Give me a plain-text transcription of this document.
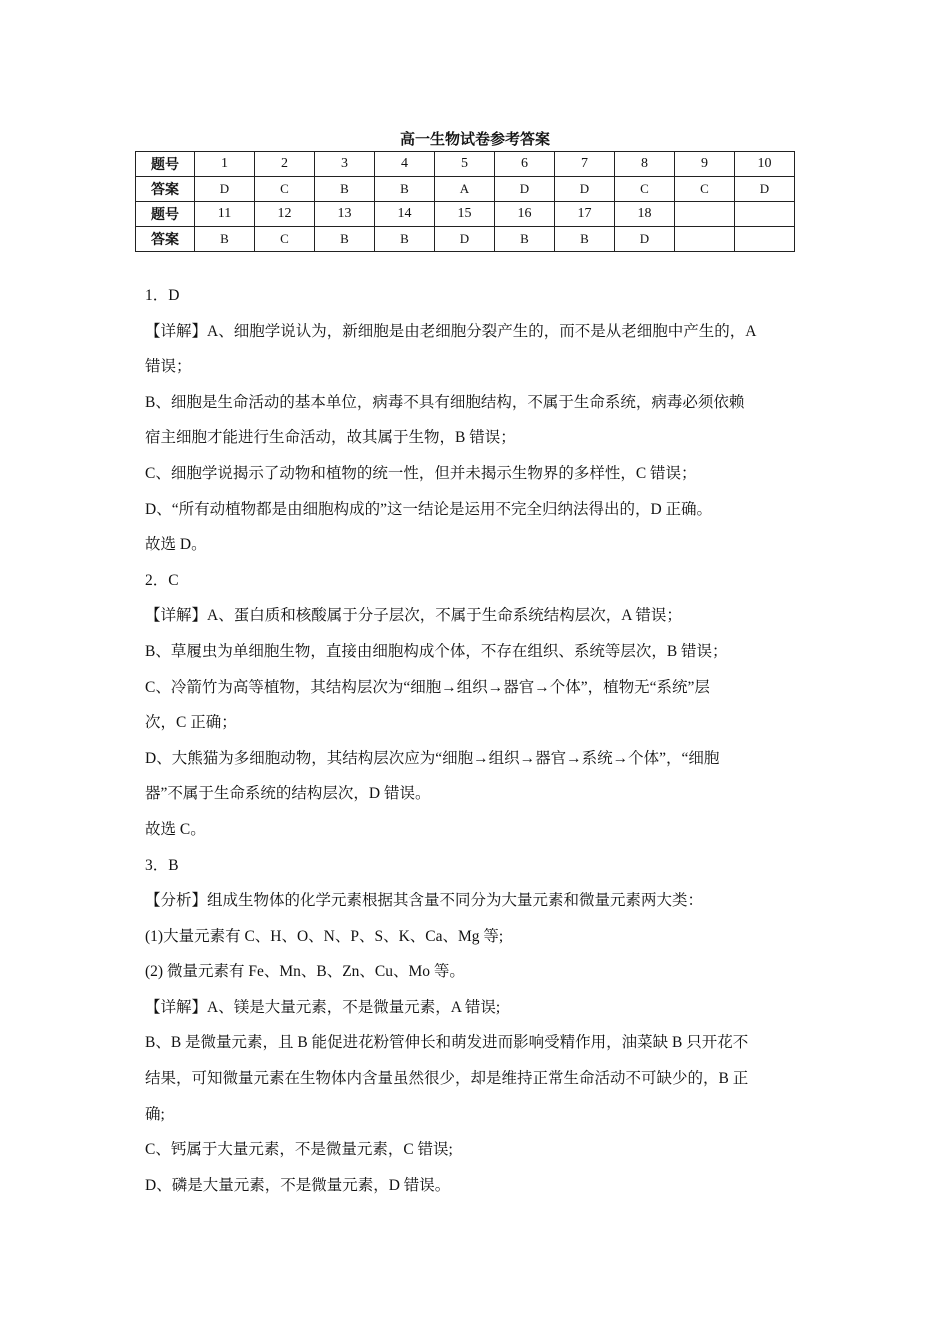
高一生物试卷参考答案
题号	1	2	3	4	5	6	7	8	9	10
答案	D	C	B	B	A	D	D	C	C	D
题号	11	12	13	14	15	16	17	18		
答案	B	C	B	B	D	B	B	D		

1．D

【详解】A、细胞学说认为，新细胞是由老细胞分裂产生的，而不是从老细胞中产生的，A

错误；

B、细胞是生命活动的基本单位，病毒不具有细胞结构，不属于生命系统，病毒必须依赖

宿主细胞才能进行生命活动，故其属于生物，B 错误；

C、细胞学说揭示了动物和植物的统一性，但并未揭示生物界的多样性，C 错误；

D、“所有动植物都是由细胞构成的”这一结论是运用不完全归纳法得出的，D 正确。

故选 D。

2．C

【详解】A、蛋白质和核酸属于分子层次，不属于生命系统结构层次，A 错误；

B、草履虫为单细胞生物，直接由细胞构成个体，不存在组织、系统等层次，B 错误；

C、冷箭竹为高等植物，其结构层次为“细胞→组织→器官→个体”，植物无“系统”层

次，C 正确；

D、大熊猫为多细胞动物，其结构层次应为“细胞→组织→器官→系统→个体”，“细胞

器”不属于生命系统的结构层次，D 错误。

故选 C。

3．B

【分析】组成生物体的化学元素根据其含量不同分为大量元素和微量元素两大类：

(1)大量元素有 C、H、O、N、P、S、K、Ca、Mg 等;

(2) 微量元素有 Fe、Mn、B、Zn、Cu、Mo 等。

【详解】A、镁是大量元素，不是微量元素，A 错误;

B、B 是微量元素，且 B 能促进花粉管伸长和萌发进而影响受精作用，油菜缺 B 只开花不

结果，可知微量元素在生物体内含量虽然很少，却是维持正常生命活动不可缺少的，B 正

确;

C、钙属于大量元素，不是微量元素，C 错误;

D、磷是大量元素，不是微量元素，D 错误。
